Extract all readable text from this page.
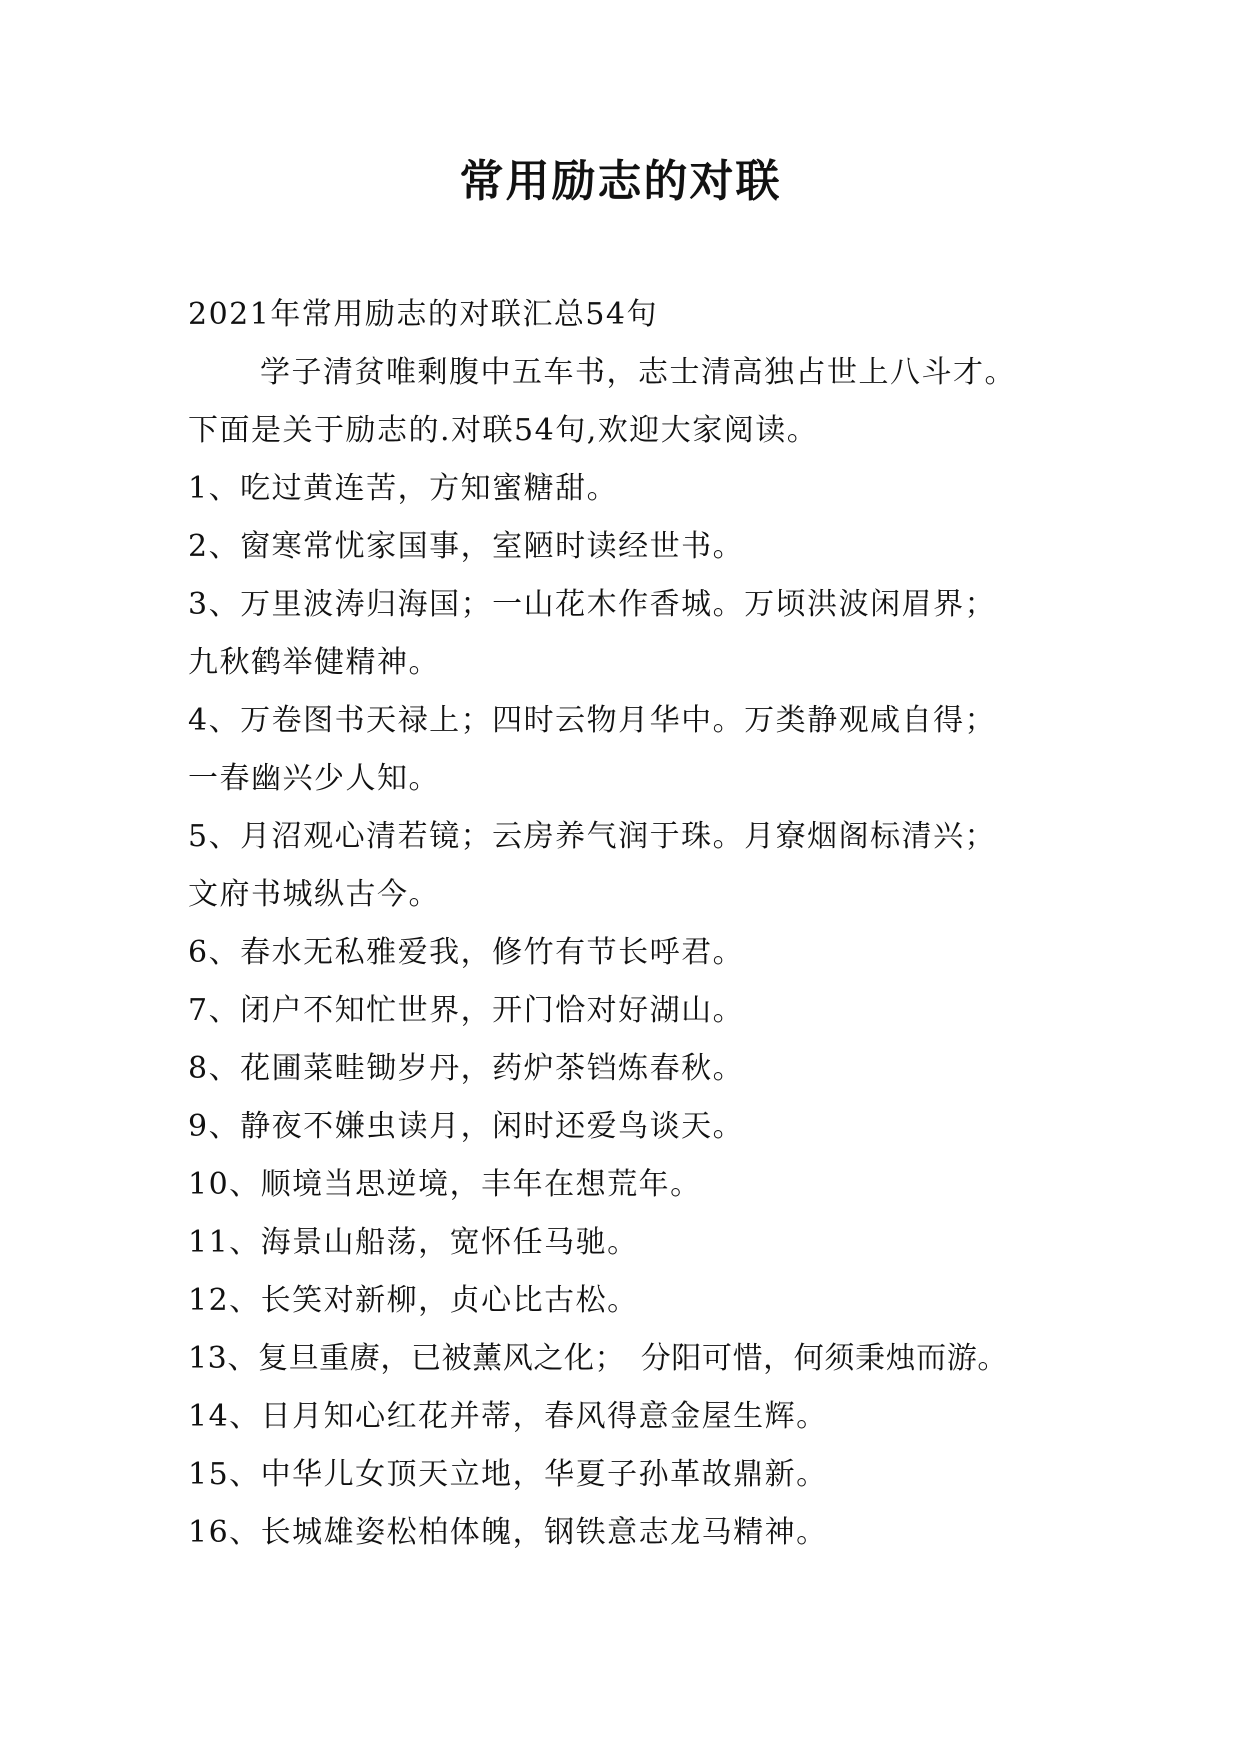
常用励志的对联

2021年常用励志的对联汇总54句

学子清贫唯剩腹中五车书，志士清高独占世上八斗才。

下面是关于励志的.对联54句,欢迎大家阅读。

1、吃过黄连苦，方知蜜糖甜。

2、窗寒常忧家国事，室陋时读经世书。

3、万里波涛归海国；一山花木作香城。万顷洪波闲眉界；

九秋鹤举健精神。

4、万卷图书天禄上；四时云物月华中。万类静观咸自得；

一春幽兴少人知。

5、月沼观心清若镜；云房养气润于珠。月寮烟阁标清兴；

文府书城纵古今。

6、春水无私雅爱我，修竹有节长呼君。

7、闭户不知忙世界，开门恰对好湖山。

8、花圃菜畦锄岁丹，药炉茶铛炼春秋。

9、静夜不嫌虫读月，闲时还爱鸟谈天。

10、顺境当思逆境，丰年在想荒年。

11、海景山船荡，宽怀任马驰。

12、长笑对新柳，贞心比古松。

13、复旦重赓，已被薰风之化；　分阳可惜，何须秉烛而游。

14、日月知心红花并蒂，春风得意金屋生辉。

15、中华儿女顶天立地，华夏子孙革故鼎新。

16、长城雄姿松柏体魄，钢铁意志龙马精神。
